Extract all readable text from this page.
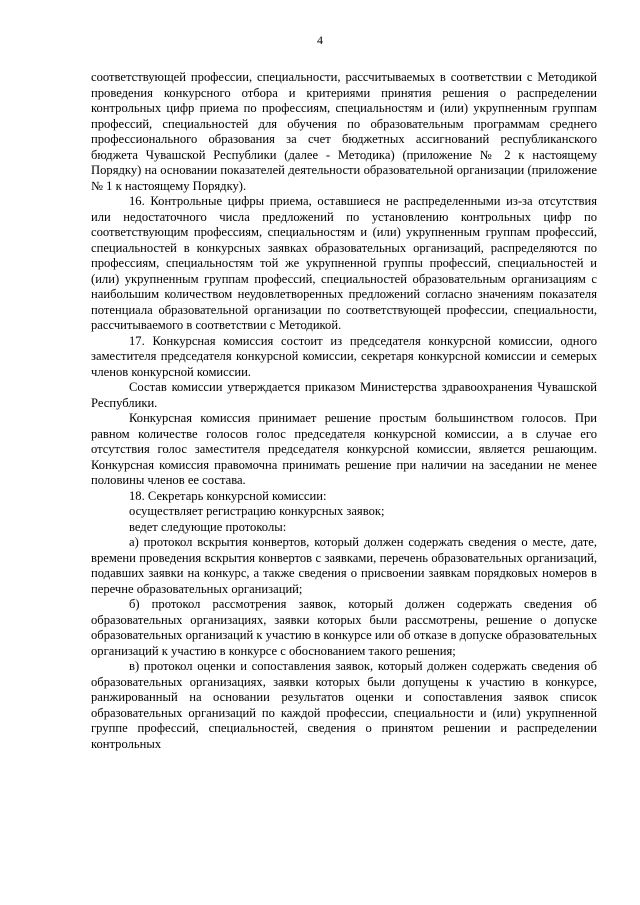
4

соответствующей профессии, специальности, рассчитываемых в соответствии с Методикой проведения конкурсного отбора и критериями принятия решения о распределении контрольных цифр приема по профессиям, специальностям и (или) укрупненным группам профессий, специальностей для обучения по образовательным программам среднего профессионального образования за счет бюджетных ассигнований республиканского бюджета Чувашской Республики (далее - Методика) (приложение № 2 к настоящему Порядку) на основании показателей деятельности образовательной организации (приложение № 1 к настоящему Порядку).

16. Контрольные цифры приема, оставшиеся не распределенными из-за отсутствия или недостаточного числа предложений по установлению контрольных цифр по соответствующим профессиям, специальностям и (или) укрупненным группам профессий, специальностей в конкурсных заявках образовательных организаций, распределяются по профессиям, специальностям той же укрупненной группы профессий, специальностей и (или) укрупненным группам профессий, специальностей образовательным организациям с наибольшим количеством неудовлетворенных предложений согласно значениям показателя потенциала образовательной организации по соответствующей профессии, специальности, рассчитываемого в соответствии с Методикой.

17. Конкурсная комиссия состоит из председателя конкурсной комиссии, одного заместителя председателя конкурсной комиссии, секретаря конкурсной комиссии и семерых членов конкурсной комиссии.

Состав комиссии утверждается приказом Министерства здравоохранения Чувашской Республики.

Конкурсная комиссия принимает решение простым большинством голосов. При равном количестве голосов голос председателя конкурсной комиссии, а в случае его отсутствия голос заместителя председателя конкурсной комиссии, является решающим. Конкурсная комиссия правомочна принимать решение при наличии на заседании не менее половины членов ее состава.

18. Секретарь конкурсной комиссии:

осуществляет регистрацию конкурсных заявок;

ведет следующие протоколы:

а) протокол вскрытия конвертов, который должен содержать сведения о месте, дате, времени проведения вскрытия конвертов с заявками, перечень образовательных организаций, подавших заявки на конкурс, а также сведения о присвоении заявкам порядковых номеров в перечне образовательных организаций;

б) протокол рассмотрения заявок, который должен содержать сведения об образовательных организациях, заявки которых были рассмотрены, решение о допуске образовательных организаций к участию в конкурсе или об отказе в допуске образовательных организаций к участию в конкурсе с обоснованием такого решения;

в) протокол оценки и сопоставления заявок, который должен содержать сведения об образовательных организациях, заявки которых были допущены к участию в конкурсе, ранжированный на основании результатов оценки и сопоставления заявок список образовательных организаций по каждой профессии, специальности и (или) укрупненной группе профессий, специальностей, сведения о принятом решении и распределении контрольных
